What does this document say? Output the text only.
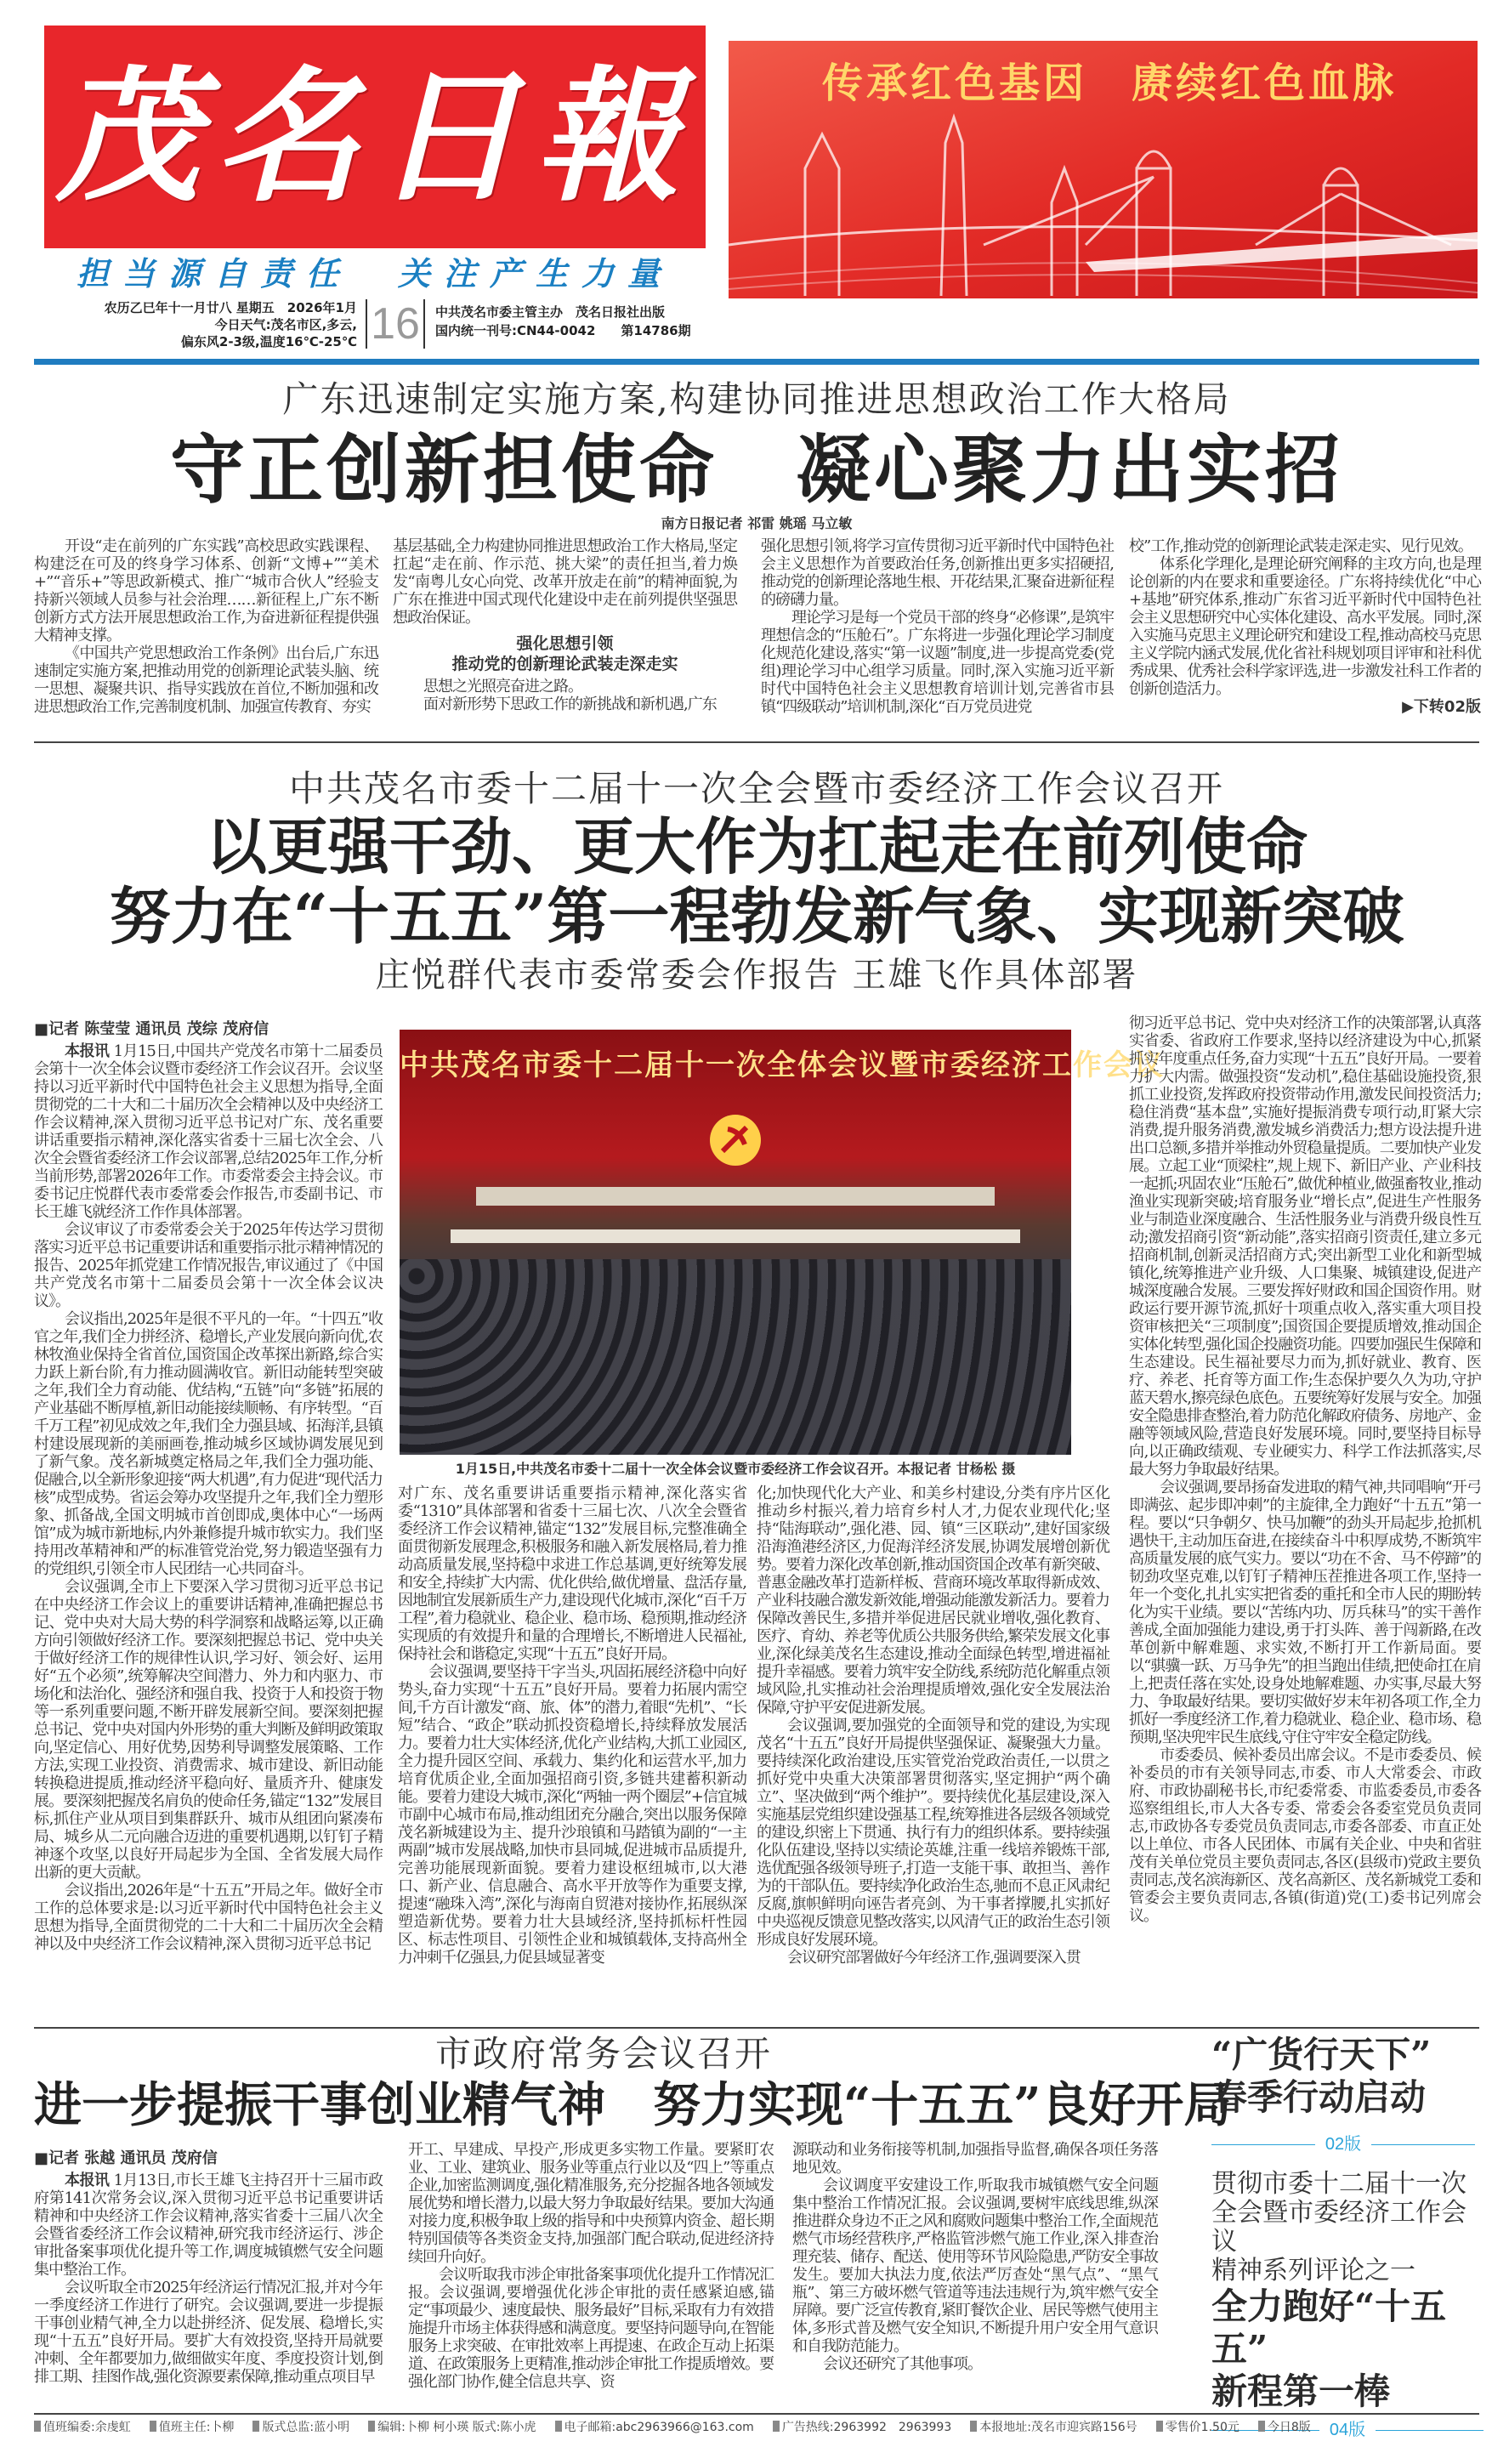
茂名日報
担当源自责任　关注产生力量
农历乙巳年十一月廿八 星期五　2026年1月
今日天气:茂名市区,多云,
偏东风2-3级,温度16℃-25℃ 16	中共茂名市委主管主办　茂名日报社出版
国内统一刊号:CN44-0042　　第14786期
传承红色基因　赓续红色血脉
广东迅速制定实施方案,构建协同推进思想政治工作大格局
守正创新担使命　凝心聚力出实招
南方日报记者 祁雷 姚瑶 马立敏

开设“走在前列的广东实践”高校思政实践课程、构建泛在可及的终身学习体系、创新“文博+”“美术+”“音乐+”等思政新模式、推广“城市合伙人”经验支持新兴领域人员参与社会治理……新征程上,广东不断创新方式方法开展思想政治工作,为奋进新征程提供强大精神支撑。

《中国共产党思想政治工作条例》出台后,广东迅速制定实施方案,把推动用党的创新理论武装头脑、统一思想、凝聚共识、指导实践放在首位,不断加强和改进思想政治工作,完善制度机制、加强宣传教育、夯实

基层基础,全力构建协同推进思想政治工作大格局,坚定扛起“走在前、作示范、挑大梁”的责任担当,着力焕发“南粤儿女心向党、改革开放走在前”的精神面貌,为广东在推进中国式现代化建设中走在前列提供坚强思想政治保证。

强化思想引领
推动党的创新理论武装走深走实

思想之光照亮奋进之路。

面对新形势下思政工作的新挑战和新机遇,广东

强化思想引领,将学习宣传贯彻习近平新时代中国特色社会主义思想作为首要政治任务,创新推出更多实招硬招,推动党的创新理论落地生根、开花结果,汇聚奋进新征程的磅礴力量。

理论学习是每一个党员干部的终身“必修课”,是筑牢理想信念的“压舱石”。广东将进一步强化理论学习制度化规范化建设,落实“第一议题”制度,进一步提高党委(党组)理论学习中心组学习质量。同时,深入实施习近平新时代中国特色社会主义思想教育培训计划,完善省市县镇“四级联动”培训机制,深化“百万党员进党

校”工作,推动党的创新理论武装走深走实、见行见效。

体系化学理化,是理论研究阐释的主攻方向,也是理论创新的内在要求和重要途径。广东将持续优化“中心+基地”研究体系,推动广东省习近平新时代中国特色社会主义思想研究中心实体化建设、高水平发展。同时,深入实施马克思主义理论研究和建设工程,推动高校马克思主义学院内涵式发展,优化省社科规划项目评审和社科优秀成果、优秀社会科学家评选,进一步激发社科工作者的创新创造活力。

▶下转02版
中共茂名市委十二届十一次全会暨市委经济工作会议召开
以更强干劲、更大作为扛起走在前列使命
努力在“十五五”第一程勃发新气象、实现新突破
庄悦群代表市委常委会作报告 王雄飞作具体部署
■记者 陈莹莹 通讯员 茂综 茂府信

本报讯 1月15日,中国共产党茂名市第十二届委员会第十一次全体会议暨市委经济工作会议召开。会议坚持以习近平新时代中国特色社会主义思想为指导,全面贯彻党的二十大和二十届历次全会精神以及中央经济工作会议精神,深入贯彻习近平总书记对广东、茂名重要讲话重要指示精神,深化落实省委十三届七次全会、八次全会暨省委经济工作会议部署,总结2025年工作,分析当前形势,部署2026年工作。市委常委会主持会议。市委书记庄悦群代表市委常委会作报告,市委副书记、市长王雄飞就经济工作作具体部署。

会议审议了市委常委会关于2025年传达学习贯彻落实习近平总书记重要讲话和重要指示批示精神情况的报告、2025年抓党建工作情况报告,审议通过了《中国共产党茂名市第十二届委员会第十一次全体会议决议》。

会议指出,2025年是很不平凡的一年。“十四五”收官之年,我们全力拼经济、稳增长,产业发展向新向优,农林牧渔业保持全省首位,国资国企改革探出新路,综合实力跃上新台阶,有力推动圆满收官。新旧动能转型突破之年,我们全力育动能、优结构,“五链”向“多链”拓展的产业基础不断厚植,新旧动能接续顺畅、有序转型。“百千万工程”初见成效之年,我们全力强县域、拓海洋,县镇村建设展现新的美丽画卷,推动城乡区域协调发展见到了新气象。茂名新城奠定格局之年,我们全力强功能、促融合,以全新形象迎接“两大机遇”,有力促进“现代活力核”成型成势。省运会筹办攻坚提升之年,我们全力塑形象、抓备战,全国文明城市首创即成,奥体中心“一场两馆”成为城市新地标,内外兼修提升城市软实力。我们坚持用改革精神和严的标准管党治党,努力锻造坚强有力的党组织,引领全市人民团结一心共同奋斗。

会议强调,全市上下要深入学习贯彻习近平总书记在中央经济工作会议上的重要讲话精神,准确把握总书记、党中央对大局大势的科学洞察和战略运筹,以正确方向引领做好经济工作。要深刻把握总书记、党中央关于做好经济工作的规律性认识,学习好、领会好、运用好“五个必须”,统筹解决空间潜力、外力和内驱力、市场化和法治化、强经济和强自我、投资于人和投资于物等一系列重要问题,不断开辟发展新空间。要深刻把握总书记、党中央对国内外形势的重大判断及鲜明政策取向,坚定信心、用好优势,因势利导调整发展策略、工作方法,实现工业投资、消费需求、城市建设、新旧动能转换稳进提质,推动经济平稳向好、量质齐升、健康发展。要深刻把握茂名肩负的使命任务,锚定“132”发展目标,抓住产业从项目到集群跃升、城市从组团向紧凑布局、城乡从二元向融合迈进的重要机遇期,以钉钉子精神逐个攻坚,以良好开局起步为全国、全省发展大局作出新的更大贡献。

会议指出,2026年是“十五五”开局之年。做好全市工作的总体要求是:以习近平新时代中国特色社会主义思想为指导,全面贯彻党的二十大和二十届历次全会精神以及中央经济工作会议精神,深入贯彻习近平总书记

中共茂名市委十二届十一次全体会议暨市委经济工作会议
1月15日,中共茂名市委十二届十一次全体会议暨市委经济工作会议召开。本报记者 甘杨松 摄

对广东、茂名重要讲话重要指示精神,深化落实省委“1310”具体部署和省委十三届七次、八次全会暨省委经济工作会议精神,锚定“132”发展目标,完整准确全面贯彻新发展理念,积极服务和融入新发展格局,着力推动高质量发展,坚持稳中求进工作总基调,更好统筹发展和安全,持续扩大内需、优化供给,做优增量、盘活存量,因地制宜发展新质生产力,建设现代化城市,深化“百千万工程”,着力稳就业、稳企业、稳市场、稳预期,推动经济实现质的有效提升和量的合理增长,不断增进人民福祉,保持社会和谐稳定,实现“十五五”良好开局。

会议强调,要坚持干字当头,巩固拓展经济稳中向好势头,奋力实现“十五五”良好开局。要着力拓展内需空间,千方百计激发“商、旅、体”的潜力,着眼“先机”、“长短”结合、“政企”联动抓投资稳增长,持续释放发展活力。要着力壮大实体经济,优化产业结构,大抓工业园区,全力提升园区空间、承载力、集约化和运营水平,加力培育优质企业,全面加强招商引资,多链共建蓄积新动能。要着力建设大城市,深化“两轴一两个圈层”+信宜城市副中心城市布局,推动组团充分融合,突出以服务保障茂名新城建设为主、提升沙琅镇和马踏镇为副的“一主两副”城市发展战略,加快市县同城,促进城市品质提升,完善功能展现新面貌。要着力建设枢纽城市,以大港口、新产业、信息融合、高水平开放等作为重要支撑,提速“融珠入湾”,深化与海南自贸港对接协作,拓展纵深塑造新优势。要着力壮大县域经济,坚持抓标杆性园区、标志性项目、引领性企业和城镇载体,支持高州全力冲刺千亿强县,力促县域显著变

化;加快现代化大产业、和美乡村建设,分类有序片区化推动乡村振兴,着力培育乡村人才,力促农业现代化;坚持“陆海联动”,强化港、园、镇“三区联动”,建好国家级沿海渔港经济区,力促海洋经济发展,协调发展增创新优势。要着力深化改革创新,推动国资国企改革有新突破、普惠金融改革打造新样板、营商环境改革取得新成效、产业科技融合激发新效能,增强动能激发新活力。要着力保障改善民生,多措并举促进居民就业增收,强化教育、医疗、育幼、养老等优质公共服务供给,繁荣发展文化事业,深化绿美茂名生态建设,推动全面绿色转型,增进福祉提升幸福感。要着力筑牢安全防线,系统防范化解重点领域风险,扎实推动社会治理提质增效,强化安全发展法治保障,守护平安促进新发展。

会议强调,要加强党的全面领导和党的建设,为实现茂名“十五五”良好开局提供坚强保证、凝聚强大力量。要持续深化政治建设,压实管党治党政治责任,一以贯之抓好党中央重大决策部署贯彻落实,坚定拥护“两个确立”、坚决做到“两个维护”。要持续优化基层建设,深入实施基层党组织建设强基工程,统筹推进各层级各领域党的建设,织密上下贯通、执行有力的组织体系。要持续强化队伍建设,坚持以实绩论英雄,注重一线培养锻炼干部,选优配强各级领导班子,打造一支能干事、敢担当、善作为的干部队伍。要持续净化政治生态,驰而不息正风肃纪反腐,旗帜鲜明向诬告者亮剑、为干事者撑腰,扎实抓好中央巡视反馈意见整改落实,以风清气正的政治生态引领形成良好发展环境。

会议研究部署做好今年经济工作,强调要深入贯

彻习近平总书记、党中央对经济工作的决策部署,认真落实省委、省政府工作要求,坚持以经济建设为中心,抓紧抓实年度重点任务,奋力实现“十五五”良好开局。一要着力扩大内需。做强投资“发动机”,稳住基础设施投资,狠抓工业投资,发挥政府投资带动作用,激发民间投资活力;稳住消费“基本盘”,实施好提振消费专项行动,盯紧大宗消费,提升服务消费,激发城乡消费活力;想方设法提升进出口总额,多措并举推动外贸稳量提质。二要加快产业发展。立起工业“顶梁柱”,规上规下、新旧产业、产业科技一起抓;巩固农业“压舱石”,做优种植业,做强畜牧业,推动渔业实现新突破;培育服务业“增长点”,促进生产性服务业与制造业深度融合、生活性服务业与消费升级良性互动;激发招商引资“新动能”,落实招商引资责任,建立多元招商机制,创新灵活招商方式;突出新型工业化和新型城镇化,统筹推进产业升级、人口集聚、城镇建设,促进产城深度融合发展。三要发挥好财政和国企国资作用。财政运行要开源节流,抓好十项重点收入,落实重大项目投资审核把关“三项制度”;国资国企要提质增效,推动国企实体化转型,强化国企投融资功能。四要加强民生保障和生态建设。民生福祉要尽力而为,抓好就业、教育、医疗、养老、托育等方面工作;生态保护要久久为功,守护蓝天碧水,擦亮绿色底色。五要统筹好发展与安全。加强安全隐患排查整治,着力防范化解政府债务、房地产、金融等领域风险,营造良好发展环境。同时,要坚持目标导向,以正确政绩观、专业硬实力、科学工作法抓落实,尽最大努力争取最好结果。

会议强调,要昂扬奋发进取的精气神,共同唱响“开弓即满弦、起步即冲刺”的主旋律,全力跑好“十五五”第一程。要以“只争朝夕、快马加鞭”的劲头开局起步,抢抓机遇快干,主动加压奋进,在接续奋斗中积厚成势,不断筑牢高质量发展的底气实力。要以“功在不舍、马不停蹄”的韧劲攻坚克难,以钉钉子精神压茬推进各项工作,坚持一年一个变化,扎扎实实把省委的重托和全市人民的期盼转化为实干业绩。要以“苦练内功、厉兵秣马”的实干善作善成,全面加强能力建设,勇于打头阵、善于闯新路,在改革创新中解难题、求实效,不断打开工作新局面。要以“骐骥一跃、万马争先”的担当跑出佳绩,把使命扛在肩上,把责任落在实处,设身处地解难题、办实事,尽最大努力、争取最好结果。要切实做好岁末年初各项工作,全力抓好一季度经济工作,着力稳就业、稳企业、稳市场、稳预期,坚决兜牢民生底线,守住守牢安全稳定防线。

市委委员、候补委员出席会议。不是市委委员、候补委员的市有关领导同志,市委、市人大常委会、市政府、市政协副秘书长,市纪委常委、市监委委员,市委各巡察组组长,市人大各专委、常委会各委室党员负责同志,市政协各专委党员负责同志,市委各部委、市直正处以上单位、市各人民团体、市属有关企业、中央和省驻茂有关单位党员主要负责同志,各区(县级市)党政主要负责同志,茂名滨海新区、茂名高新区、茂名新城党工委和管委会主要负责同志,各镇(街道)党(工)委书记列席会议。

市政府常务会议召开
进一步提振干事创业精气神　努力实现“十五五”良好开局
■记者 张越 通讯员 茂府信

本报讯 1月13日,市长王雄飞主持召开十三届市政府第141次常务会议,深入贯彻习近平总书记重要讲话精神和中央经济工作会议精神,落实省委十三届八次全会暨省委经济工作会议精神,研究我市经济运行、涉企审批备案事项优化提升等工作,调度城镇燃气安全问题集中整治工作。

会议听取全市2025年经济运行情况汇报,并对今年一季度经济工作进行了研究。会议强调,要进一步提振干事创业精气神,全力以赴拼经济、促发展、稳增长,实现“十五五”良好开局。要扩大有效投资,坚持开局就要冲刺、全年都要加力,做细做实年度、季度投资计划,倒排工期、挂图作战,强化资源要素保障,推动重点项目早

开工、早建成、早投产,形成更多实物工作量。要紧盯农业、工业、建筑业、服务业等重点行业以及“四上”等重点企业,加密监测调度,强化精准服务,充分挖掘各地各领域发展优势和增长潜力,以最大努力争取最好结果。要加大沟通对接力度,积极争取上级的指导和中央预算内资金、超长期特别国债等各类资金支持,加强部门配合联动,促进经济持续回升向好。

会议听取我市涉企审批备案事项优化提升工作情况汇报。会议强调,要增强优化涉企审批的责任感紧迫感,锚定“事项最少、速度最快、服务最好”目标,采取有力有效措施提升市场主体获得感和满意度。要坚持问题导向,在智能服务上求突破、在审批效率上再提速、在政企互动上拓渠道、在政策服务上更精准,推动涉企审批工作提质增效。要强化部门协作,健全信息共享、资

源联动和业务衔接等机制,加强指导监督,确保各项任务落地见效。

会议调度平安建设工作,听取我市城镇燃气安全问题集中整治工作情况汇报。会议强调,要树牢底线思维,纵深推进群众身边不正之风和腐败问题集中整治工作,全面规范燃气市场经营秩序,严格监管涉燃气施工作业,深入排查治理充装、储存、配送、使用等环节风险隐患,严防安全事故发生。要加大执法力度,依法严厉查处“黑气点”、“黑气瓶”、第三方破坏燃气管道等违法违规行为,筑牢燃气安全屏障。要广泛宣传教育,紧盯餐饮企业、居民等燃气使用主体,多形式普及燃气安全知识,不断提升用户安全用气意识和自我防范能力。

会议还研究了其他事项。

“广货行天下”
春季行动启动
02版
贯彻市委十二届十一次
全会暨市委经济工作会议
精神系列评论之一
全力跑好“十五五”
新程第一棒
04版
值班编委:余虔虹	值班主任:卜柳	版式总监:蓝小明	编辑:卜柳 柯小瑛 版式:陈小虎	电子邮箱:abc2963966@163.com	广告热线:2963992　2963993	本报地址:茂名市迎宾路156号	零售价1.50元	今日8版
